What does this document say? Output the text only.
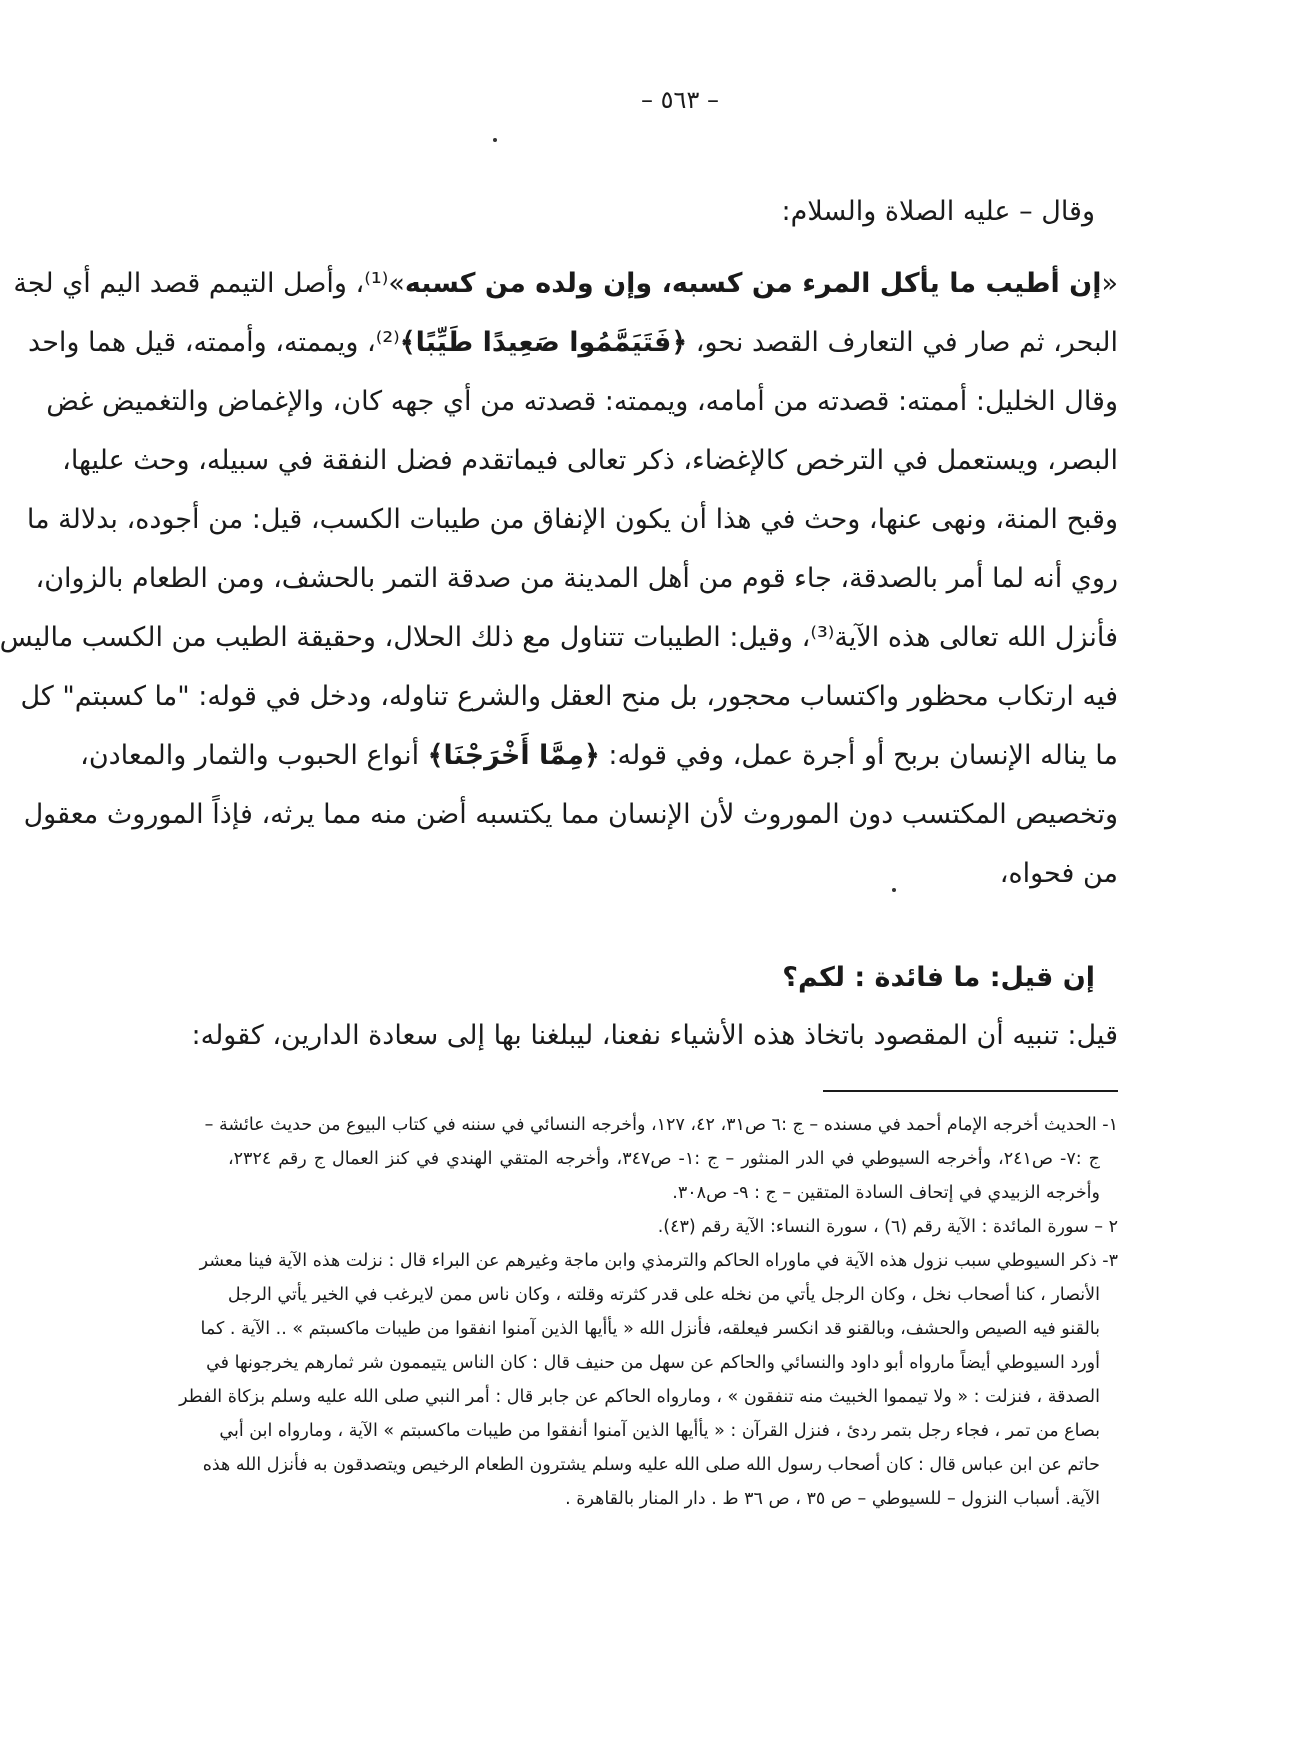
– ٥٦٣ –
وقال – عليه الصلاة والسلام:
«إن أطيب ما يأكل المرء من كسبه، وإن ولده من كسبه»⁽¹⁾، وأصل التيمم قصد اليم أي لجة
البحر، ثم صار في التعارف القصد نحو، ﴿فَتَيَمَّمُوا صَعِيدًا طَيِّبًا﴾⁽²⁾، ويممته، وأممته، قيل هما واحد
وقال الخليل: أممته: قصدته من أمامه، ويممته: قصدته من أي جهه كان، والإغماض والتغميض غض
البصر، ويستعمل في الترخص كالإغضاء، ذكر تعالى فيماتقدم فضل النفقة في سبيله، وحث عليها،
وقبح المنة، ونهى عنها، وحث في هذا أن يكون الإنفاق من طيبات الكسب، قيل: من أجوده، بدلالة ما
روي أنه لما أمر بالصدقة، جاء قوم من أهل المدينة من صدقة التمر بالحشف، ومن الطعام بالزوان،
فأنزل الله تعالى هذه الآية⁽³⁾، وقيل: الطيبات تتناول مع ذلك الحلال، وحقيقة الطيب من الكسب ماليس
فيه ارتكاب محظور واكتساب محجور، بل منح العقل والشرع تناوله، ودخل في قوله: "ما كسبتم" كل
ما يناله الإنسان بربح أو أجرة عمل، وفي قوله: ﴿مِمَّا أَخْرَجْنَا﴾ أنواع الحبوب والثمار والمعادن،
وتخصيص المكتسب دون الموروث لأن الإنسان مما يكتسبه أضن منه مما يرثه، فإذاً الموروث معقول
من فحواه،
إن قيل: ما فائدة : لكم؟
قيل: تنبيه أن المقصود باتخاذ هذه الأشياء نفعنا، ليبلغنا بها إلى سعادة الدارين، كقوله:
١- الحديث أخرجه الإمام أحمد في مسنده – ج :٦ ص٣١، ٤٢، ١٢٧، وأخرجه النسائي في سننه في كتاب البيوع من حديث عائشة –
ج :٧- ص٢٤١، وأخرجه السيوطي في الدر المنثور – ج :١- ص٣٤٧، وأخرجه المتقي الهندي في كنز العمال ج رقم ٢٣٢٤،
وأخرجه الزبيدي في إتحاف السادة المتقين – ج : ٩- ص٣٠٨.
٢ – سورة المائدة : الآية رقم (٦) ، سورة النساء: الآية رقم (٤٣).
٣- ذكر السيوطي سبب نزول هذه الآية في ماوراه الحاكم والترمذي وابن ماجة وغيرهم عن البراء قال : نزلت هذه الآية فينا معشر
الأنصار ، كنا أصحاب نخل ، وكان الرجل يأتي من نخله على قدر كثرته وقلته ، وكان ناس ممن لايرغب في الخير يأتي الرجل
بالقنو فيه الصيص والحشف، وبالقنو قد انكسر فيعلقه، فأنزل الله « يأأيها الذين آمنوا انفقوا من طيبات ماكسبتم » .. الآية . كما
أورد السيوطي أيضاً مارواه أبو داود والنسائي والحاكم عن سهل من حنيف قال : كان الناس يتيممون شر ثمارهم يخرجونها في
الصدقة ، فنزلت : « ولا تيمموا الخبيث منه تنفقون » ، ومارواه الحاكم عن جابر قال : أمر النبي صلى الله عليه وسلم بزكاة الفطر
بصاع من تمر ، فجاء رجل بتمر ردئ ، فنزل القرآن : « يأأيها الذين آمنوا أنفقوا من طيبات ماكسبتم » الآية ، ومارواه ابن أبي
حاتم عن ابن عباس قال : كان أصحاب رسول الله صلى الله عليه وسلم يشترون الطعام الرخيص ويتصدقون به فأنزل الله هذه
الآية. أسباب النزول – للسيوطي – ص ٣٥ ، ص ٣٦ ط . دار المنار بالقاهرة .
